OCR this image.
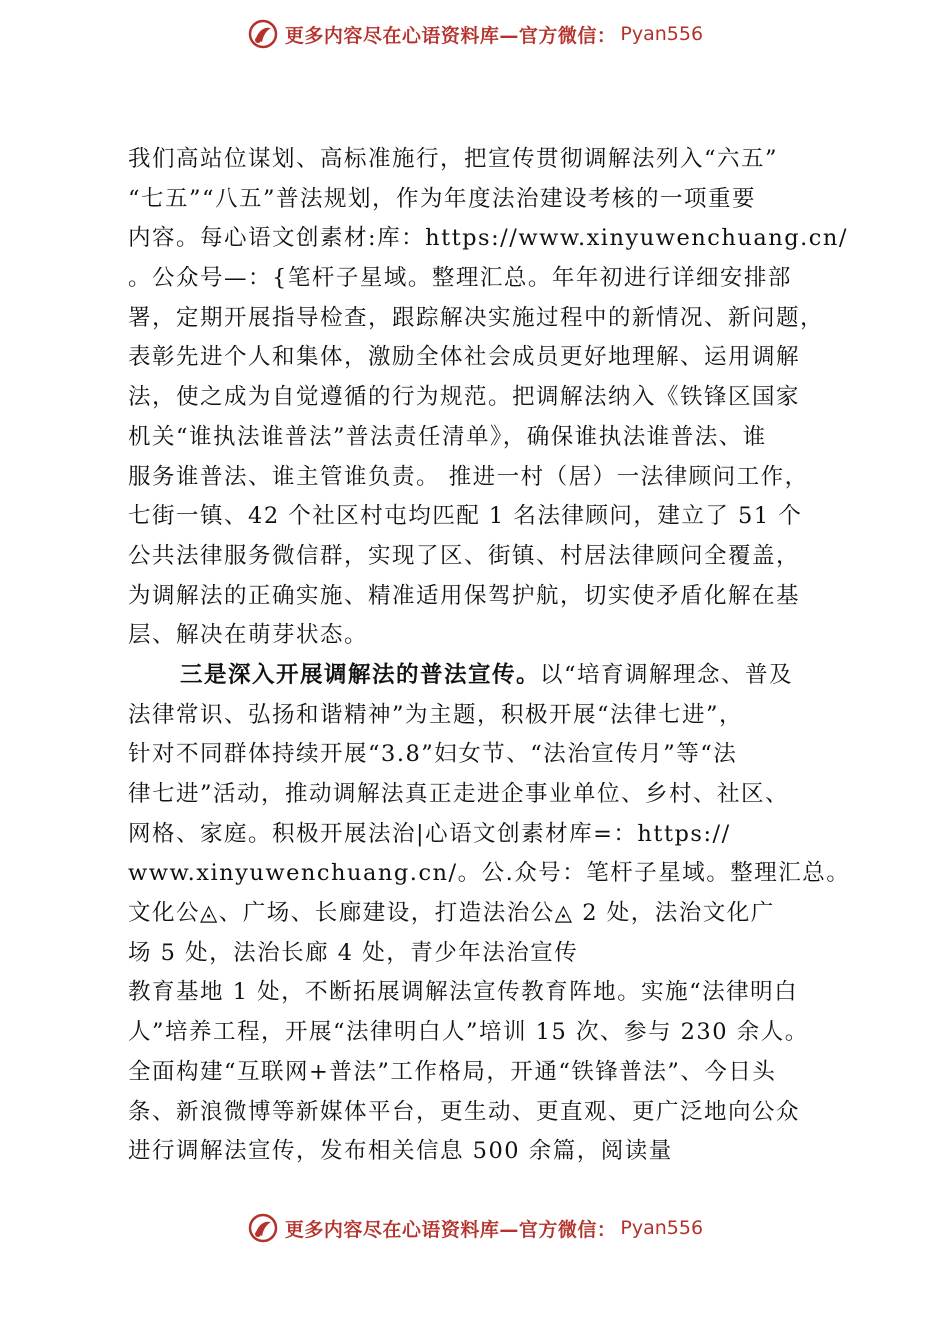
更多内容尽在心语资料库—官方微信： Pyan556
我们高站位谋划、高标准施行，把宣传贯彻调解法列入“六五”
“七五”“八五”普法规划，作为年度法治建设考核的一项重要
内容。每心语文创素材:库：https://www.xinyuwenchuang.cn/
。公众号—：{笔杆子星域。整理汇总。年年初进行详细安排部
署，定期开展指导检查，跟踪解决实施过程中的新情况、新问题，
表彰先进个人和集体，激励全体社会成员更好地理解、运用调解
法，使之成为自觉遵循的行为规范。把调解法纳入《铁锋区国家
机关“谁执法谁普法”普法责任清单》，确保谁执法谁普法、谁
服务谁普法、谁主管谁负责。 推进一村（居）一法律顾问工作，
七街一镇、42 个社区村屯均匹配 1 名法律顾问，建立了 51 个
公共法律服务微信群，实现了区、街镇、村居法律顾问全覆盖，
为调解法的正确实施、精准适用保驾护航，切实使矛盾化解在基
层、解决在萌芽状态。
三是深入开展调解法的普法宣传。以“培育调解理念、普及
法律常识、弘扬和谐精神”为主题，积极开展“法律七进”，
针对不同群体持续开展“3.8”妇女节、“法治宣传月”等“法
律七进”活动，推动调解法真正走进企事业单位、乡村、社区、
网格、家庭。积极开展法治|心语文创素材库=：https://
www.xinyuwenchuang.cn/。公.众号：笔杆子星域。整理汇总。
文化公◬、广场、长廊建设，打造法治公◬ 2 处，法治文化广
场 5 处，法治长廊 4 处，青少年法治宣传
教育基地 1 处，不断拓展调解法宣传教育阵地。实施“法律明白
人”培养工程，开展“法律明白人”培训 15 次、参与 230 余人。
全面构建“互联网+普法”工作格局，开通“铁锋普法”、今日头
条、新浪微博等新媒体平台，更生动、更直观、更广泛地向公众
进行调解法宣传，发布相关信息 500 余篇，阅读量
更多内容尽在心语资料库—官方微信： Pyan556
